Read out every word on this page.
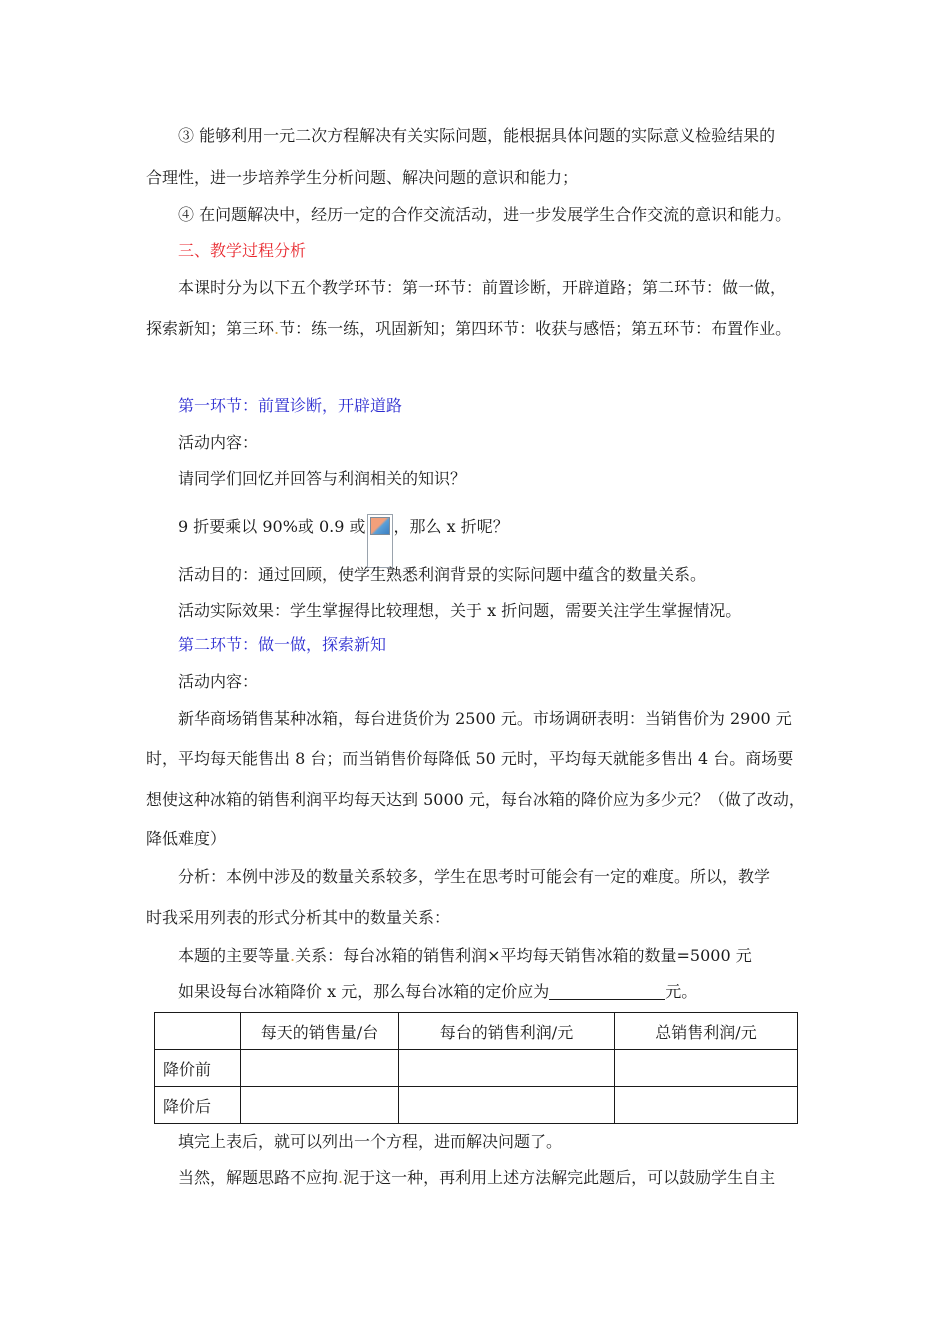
③ 能够利用一元二次方程解决有关实际问题，能根据具体问题的实际意义检验结果的
合理性，进一步培养学生分析问题、解决问题的意识和能力；
④ 在问题解决中，经历一定的合作交流活动，进一步发展学生合作交流的意识和能力。
三、教学过程分析
本课时分为以下五个教学环节：第一环节：前置诊断，开辟道路；第二环节：做一做，
探索新知；第三环.节：练一练，巩固新知；第四环节：收获与感悟；第五环节：布置作业。
第一环节：前置诊断，开辟道路
活动内容：
请同学们回忆并回答与利润相关的知识？
9 折要乘以 90%或 0.9 或 ，那么 x 折呢？
活动目的：通过回顾，使学生熟悉利润背景的实际问题中蕴含的数量关系。
活动实际效果：学生掌握得比较理想，关于 x 折问题，需要关注学生掌握情况。
第二环节：做一做，探索新知
活动内容：
新华商场销售某种冰箱，每台进货价为 2500 元。市场调研表明：当销售价为 2900 元
时，平均每天能售出 8 台；而当销售价每降低 50 元时，平均每天就能多售出 4 台。商场要
想使这种冰箱的销售利润平均每天达到 5000 元，每台冰箱的降价应为多少元？（做了改动，
降低难度）
分析：本例中涉及的数量关系较多，学生在思考时可能会有一定的难度。所以，教学
时我采用列表的形式分析其中的数量关系：
本题的主要等量.关系：每台冰箱的销售利润×平均每天销售冰箱的数量=5000 元
如果设每台冰箱降价 x 元，那么每台冰箱的定价应为	元。
	每天的销售量/台	每台的销售利润/元	总销售利润/元
降价前			
降价后			
填完上表后，就可以列出一个方程，进而解决问题了。
当然，解题思路不应拘.泥于这一种，再利用上述方法解完此题后，可以鼓励学生自主
